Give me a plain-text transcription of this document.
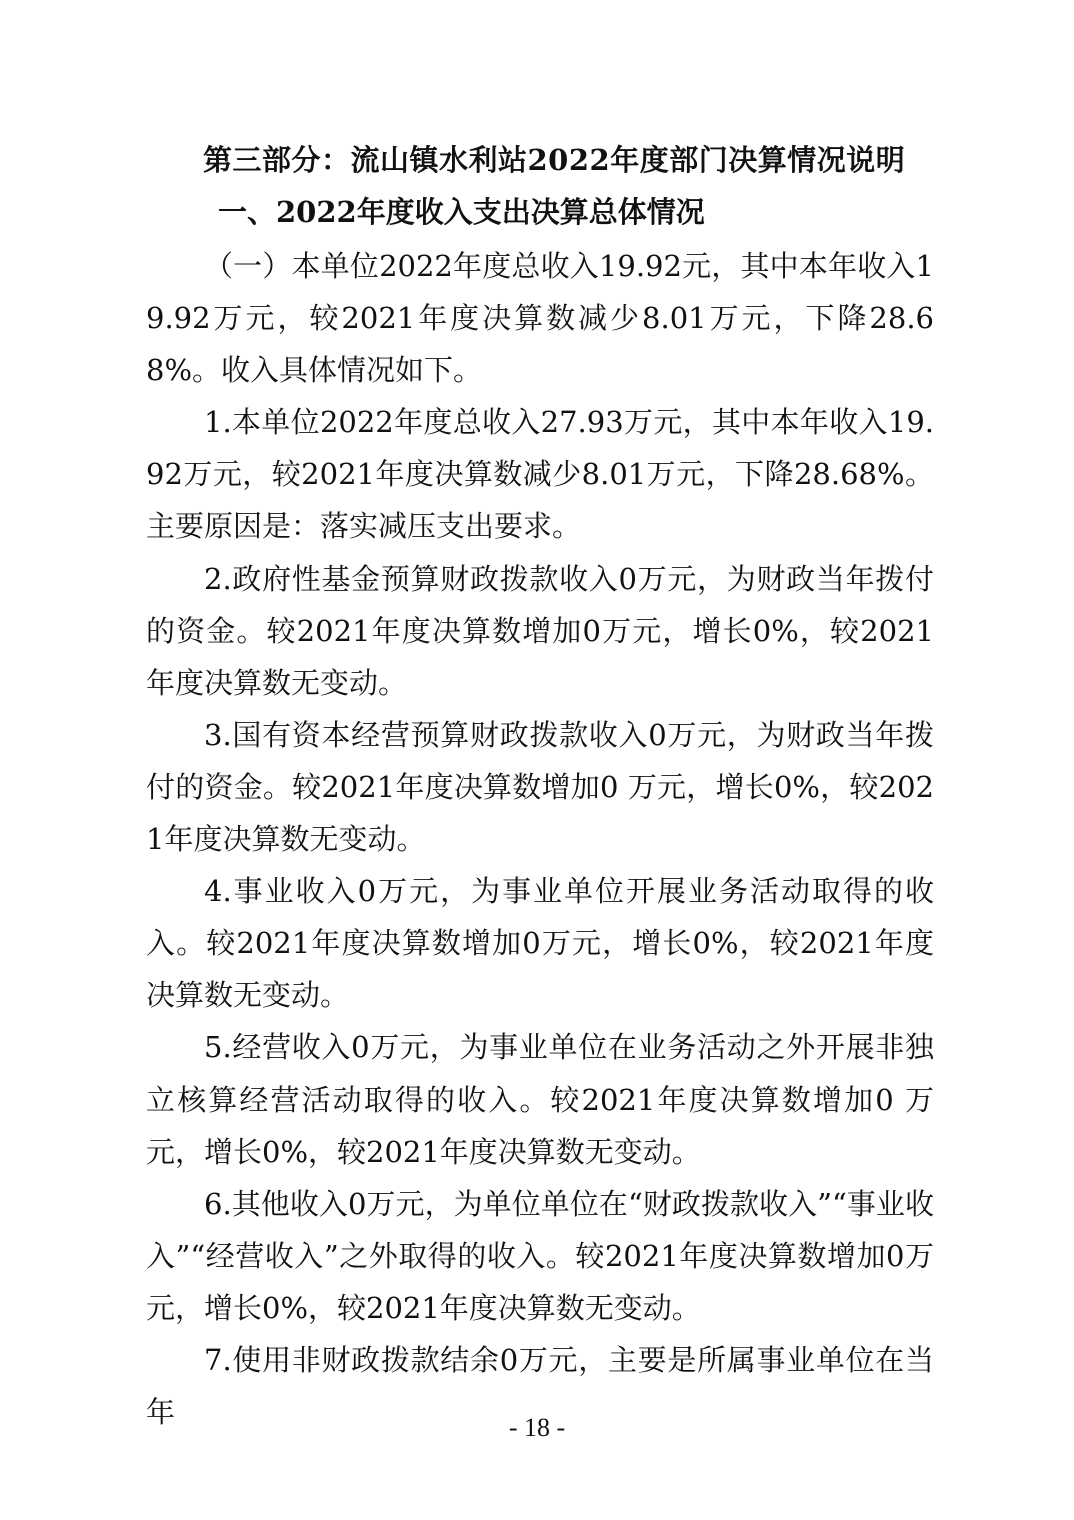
第三部分：流山镇水利站2022年度部门决算情况说明
一、2022年度收入支出决算总体情况

（一）本单位2022年度总收入19.92元，其中本年收入19.92万元，较2021年度决算数减少8.01万元，下降28.68%。收入具体情况如下。

1.本单位2022年度总收入27.93万元，其中本年收入19.92万元，较2021年度决算数减少8.01万元，下降28.68%。主要原因是：落实减压支出要求。

2.政府性基金预算财政拨款收入0万元，为财政当年拨付的资金。较2021年度决算数增加0万元，增长0%，较2021年度决算数无变动。

3.国有资本经营预算财政拨款收入0万元，为财政当年拨付的资金。较2021年度决算数增加0 万元，增长0%，较2021年度决算数无变动。

4.事业收入0万元，为事业单位开展业务活动取得的收入。较2021年度决算数增加0万元，增长0%，较2021年度决算数无变动。

5.经营收入0万元，为事业单位在业务活动之外开展非独立核算经营活动取得的收入。较2021年度决算数增加0 万元，增长0%，较2021年度决算数无变动。

6.其他收入0万元，为单位单位在“财政拨款收入”“事业收入”“经营收入”之外取得的收入。较2021年度决算数增加0万元，增长0%，较2021年度决算数无变动。

7.使用非财政拨款结余0万元，主要是所属事业单位在当年	- 18 -
